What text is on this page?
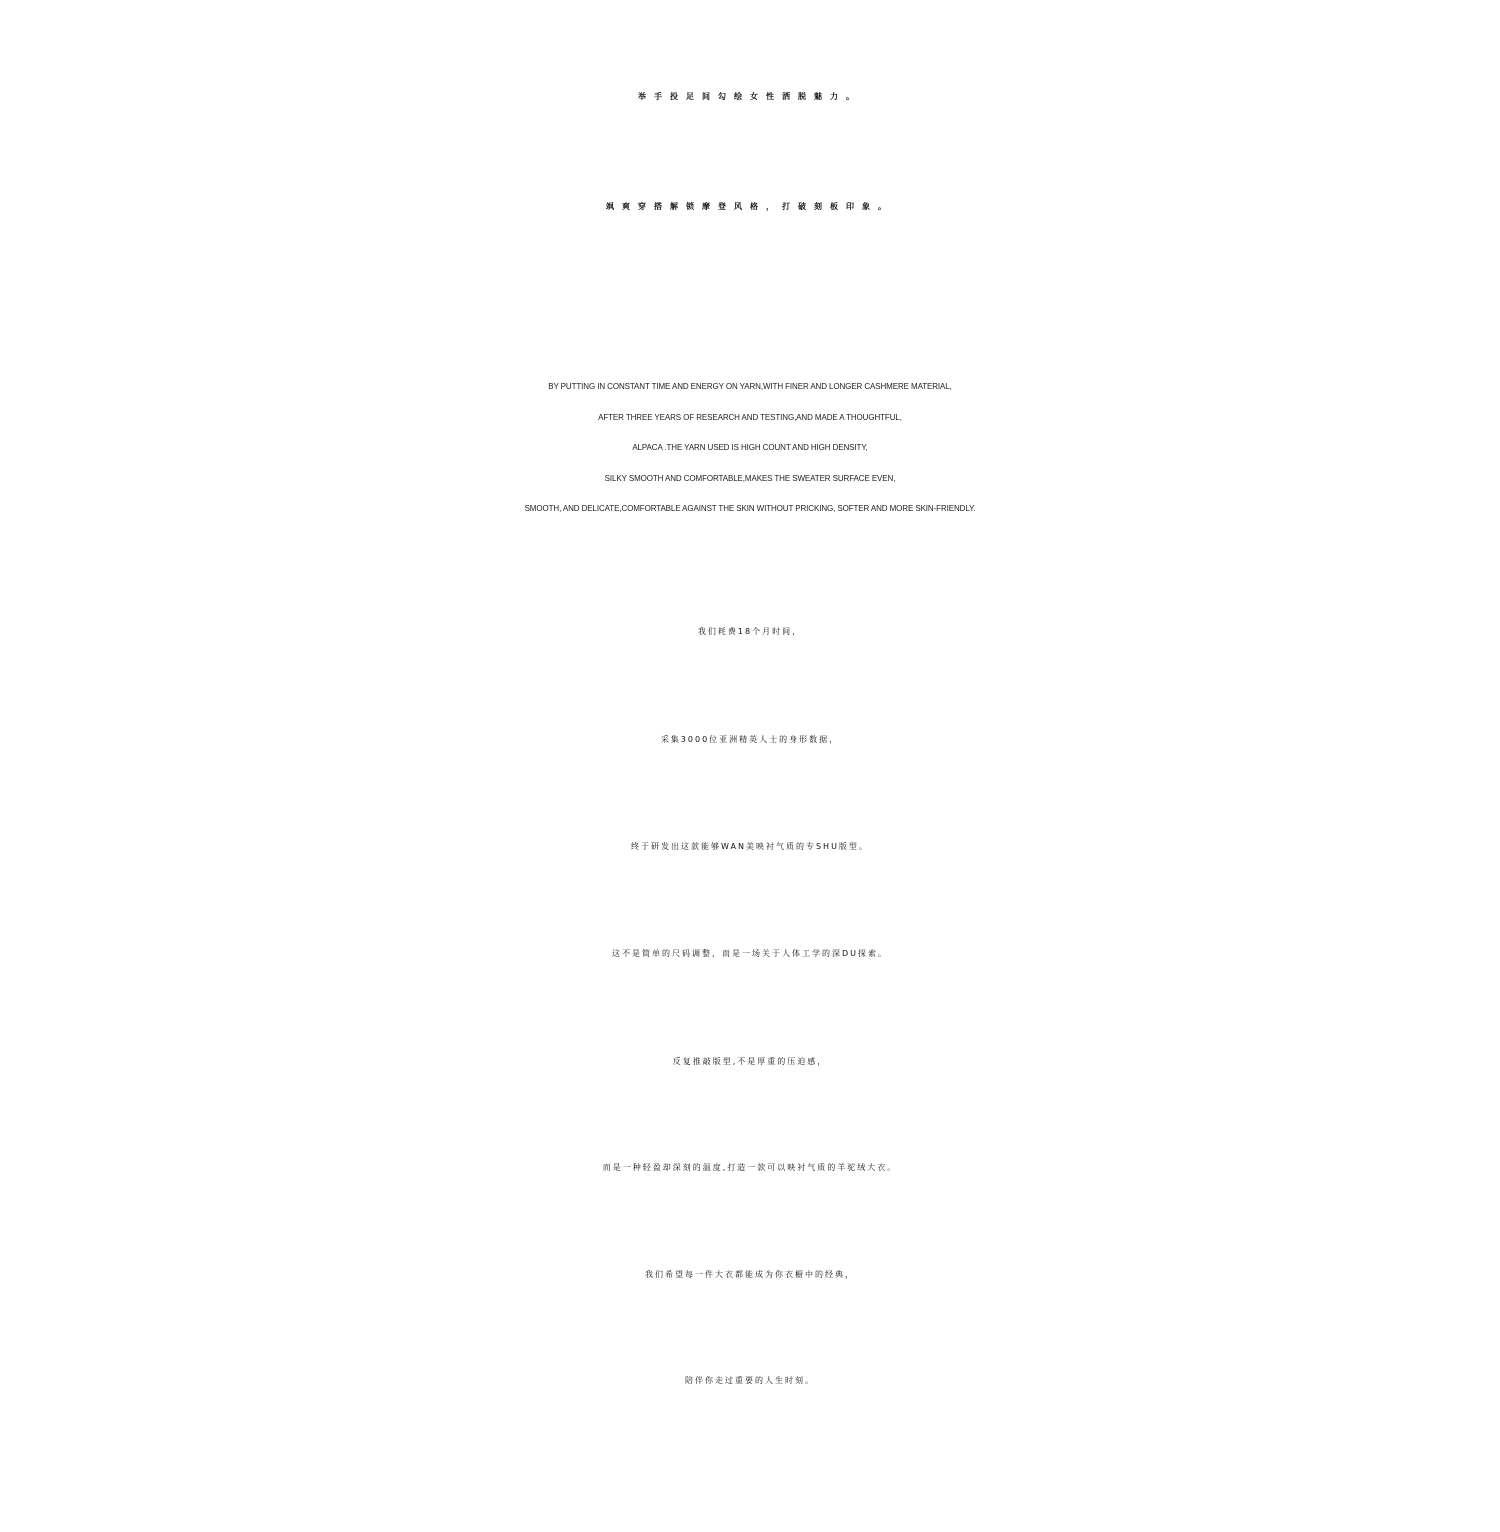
举手投足间勾绘女性洒脱魅力。
飒爽穿搭解锁摩登风格，打破刻板印象。
BY PUTTING IN CONSTANT TIME AND ENERGY ON YARN,WITH FINER AND LONGER CASHMERE MATERIAL,
AFTER THREE YEARS OF RESEARCH AND TESTING,AND MADE A THOUGHTFUL,
ALPACA .THE YARN USED IS HIGH COUNT AND HIGH DENSITY,
SILKY SMOOTH AND COMFORTABLE,MAKES THE SWEATER SURFACE EVEN,
SMOOTH, AND DELICATE,COMFORTABLE AGAINST THE SKIN WITHOUT PRICKING, SOFTER AND MORE SKIN-FRIENDLY.
我们耗费18个月时间，
采集3000位亚洲精英人士的身形数据，
终于研发出这款能够WAN美映衬气质的专SHU版型。
这不是简单的尺码调整，而是一场关于人体工学的深DU探索。
反复推敲版型,不是厚重的压迫感，
而是一种轻盈却深刻的温度,打造一款可以映衬气质的羊驼绒大衣。
我们希望每一件大衣都能成为你衣橱中的经典，
陪伴你走过重要的人生时刻。
